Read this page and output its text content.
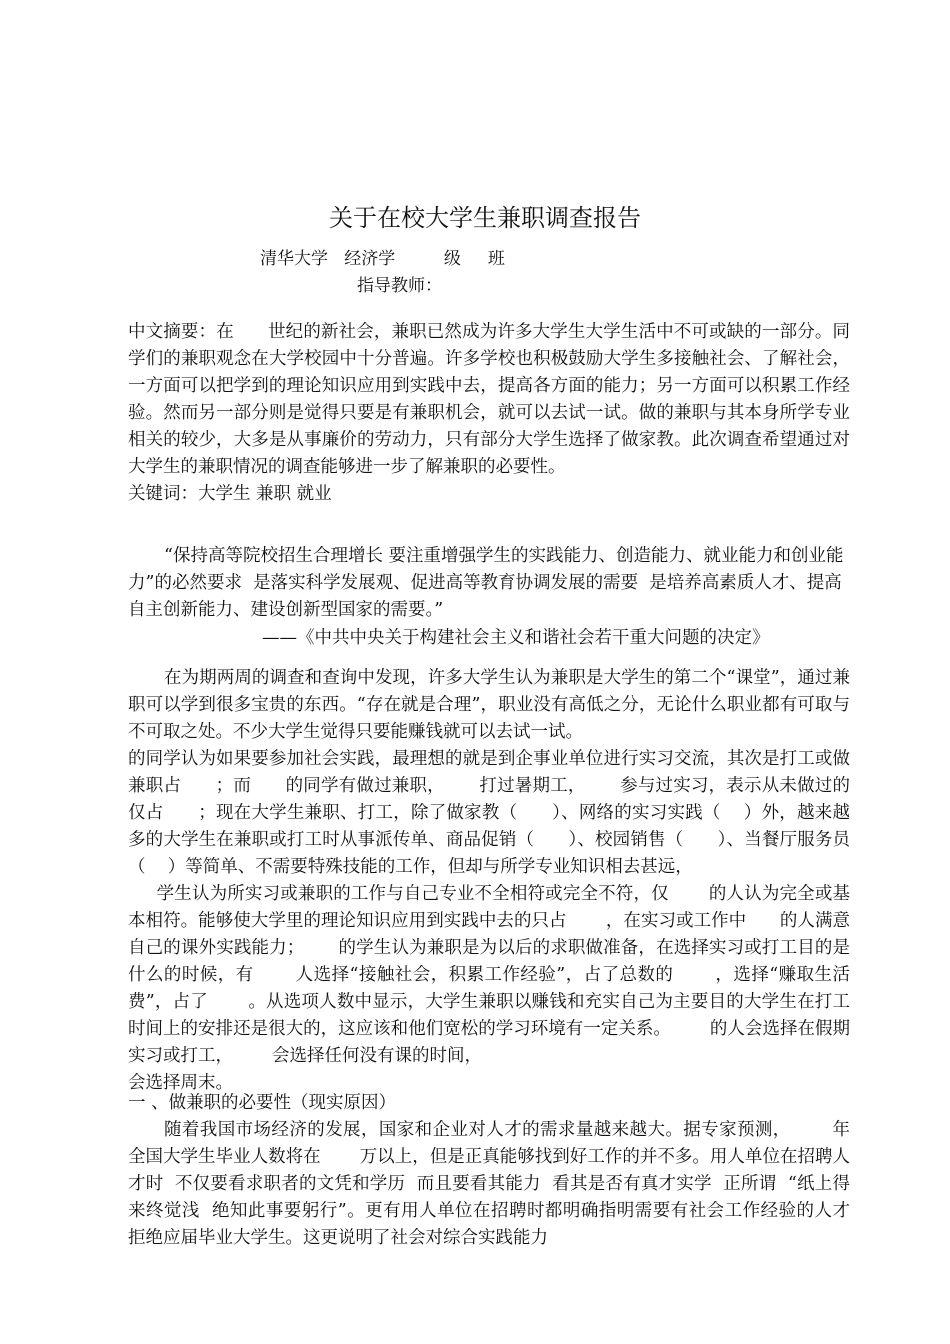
关于在校大学生兼职调查报告
清华大学   经济学         级     班
指导教师：

中文摘要：在      世纪的新社会，兼职已然成为许多大学生大学生活中不可或缺的一部分。同学们的兼职观念在大学校园中十分普遍。许多学校也积极鼓励大学生多接触社会、了解社会，一方面可以把学到的理论知识应用到实践中去，提高各方面的能力；另一方面可以积累工作经验。然而另一部分则是觉得只要是有兼职机会，就可以去试一试。做的兼职与其本身所学专业相关的较少，大多是从事廉价的劳动力，只有部分大学生选择了做家教。此次调查希望通过对大学生的兼职情况的调查能够进一步了解兼职的必要性。

关键词：大学生 兼职 就业

“保持高等院校招生合理增长 要注重增强学生的实践能力、创造能力、就业能力和创业能力”的必然要求  是落实科学发展观、促进高等教育协调发展的需要  是培养高素质人才、提高自主创新能力、建设创新型国家的需要。”

——《中共中央关于构建社会主义和谐社会若干重大问题的决定》

在为期两周的调查和查询中发现，许多大学生认为兼职是大学生的第二个“课堂”，通过兼职可以学到很多宝贵的东西。“存在就是合理”，职业没有高低之分，无论什么职业都有可取与不可取之处。不少大学生觉得只要能赚钱就可以去试一试。

的同学认为如果要参加社会实践，最理想的就是到企事业单位进行实习交流，其次是打工或做兼职占      ；而      的同学有做过兼职，      打过暑期工，      参与过实习，表示从未做过的仅占      ；现在大学生兼职、打工，除了做家教（      ）、网络的实习实践（    ）外，越来越多的大学生在兼职或打工时从事派传单、商品促销（      ）、校园销售（      ）、当餐厅服务员（    ）等简单、不需要特殊技能的工作，但却与所学专业知识相去甚远，

学生认为所实习或兼职的工作与自己专业不全相符或完全不符，仅       的人认为完全或基本相符。能够使大学里的理论知识应用到实践中去的只占       ，在实习或工作中      的人满意自己的课外实践能力；      的学生认为兼职是为以后的求职做准备，在选择实习或打工目的是什么的时候，有       人选择“接触社会，积累工作经验”，占了总数的       ，选择“赚取生活费”，占了       。从选项人数中显示，大学生兼职以赚钱和充实自己为主要目的大学生在打工时间上的安排还是很大的，这应该和他们宽松的学习环境有一定关系。       的人会选择在假期实习或打工，       会选择任何没有课的时间，

会选择周末。

一 、做兼职的必要性（现实原因）

随着我国市场经济的发展，国家和企业对人才的需求量越来越大。据专家预测，       年全国大学生毕业人数将在       万以上，但是正真能够找到好工作的并不多。用人单位在招聘人才时  不仅要看求职者的文凭和学历  而且要看其能力  看其是否有真才实学  正所谓  “纸上得来终觉浅  绝知此事要躬行”。更有用人单位在招聘时都明确指明需要有社会工作经验的人才  拒绝应届毕业大学生。这更说明了社会对综合实践能力
